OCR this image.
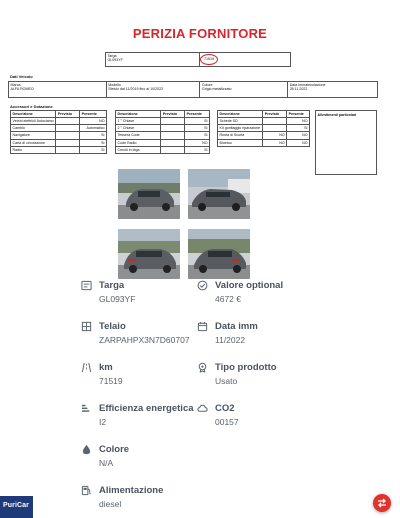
PERIZIA FORNITORE
Targa
GL093YF	71519
Dati Veicolo
Marca
ALFA ROMEO

Modello
Stelvio dal 11/2019 fino al 10/2022

Colore
Grigio metallizzato

Data Immatricolazione
28.11.2022
Accessori e Dotazione
Descrizione	Previsto	Presente
Vetrini elettrici/ Autoclamo		NO
Cambio		Automatico
Navigatore		SI
Carta di circolazione		SI
Radio		SI
Descrizione	Previsto	Presente
1 ° Chiave		SI
2 ° Chiave		SI
Tessera Code		SI
Code Radio		NO
Cerchi in lega		SI
Descrizione	Previsto	Presente
Schede SD		NO
Kit gonfiaggio riparazione		SI
Ruota di Scorta	NO	NO
Bluetoo	NO	NO
Allestimenti particolari
Targa
GL093YF
Valore optional
4672 €
Telaio
ZARPAHPX3N7D60707
Data imm
11/2022
km
71519
Tipo prodotto
Usato
Efficienza energetica
I2
CO2
00157
Colore
N/A
Alimentazione
diesel
PuriCar
